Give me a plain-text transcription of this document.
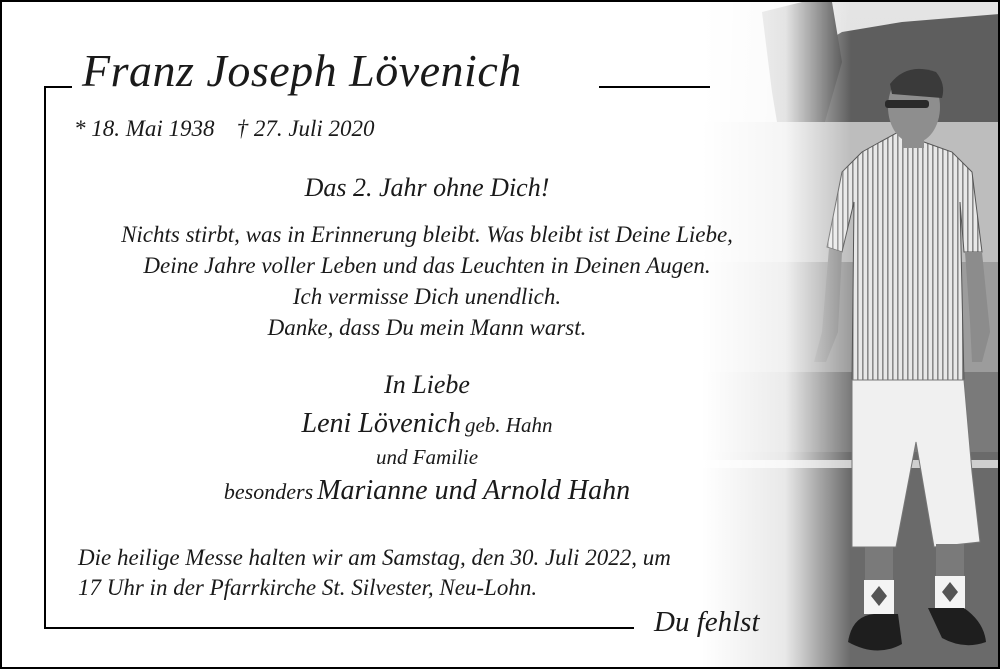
Franz Joseph Lövenich
* 18. Mai 1938 † 27. Juli 2020
Das 2. Jahr ohne Dich!
Nichts stirbt, was in Erinnerung bleibt. Was bleibt ist Deine Liebe,
Deine Jahre voller Leben und das Leuchten in Deinen Augen.
Ich vermisse Dich unendlich.
Danke, dass Du mein Mann warst.
In Liebe
Leni Lövenich geb. Hahn
und Familie
besonders Marianne und Arnold Hahn
Die heilige Messe halten wir am Samstag, den 30. Juli 2022, um
17 Uhr in der Pfarrkirche St. Silvester, Neu-Lohn.
Du fehlst
